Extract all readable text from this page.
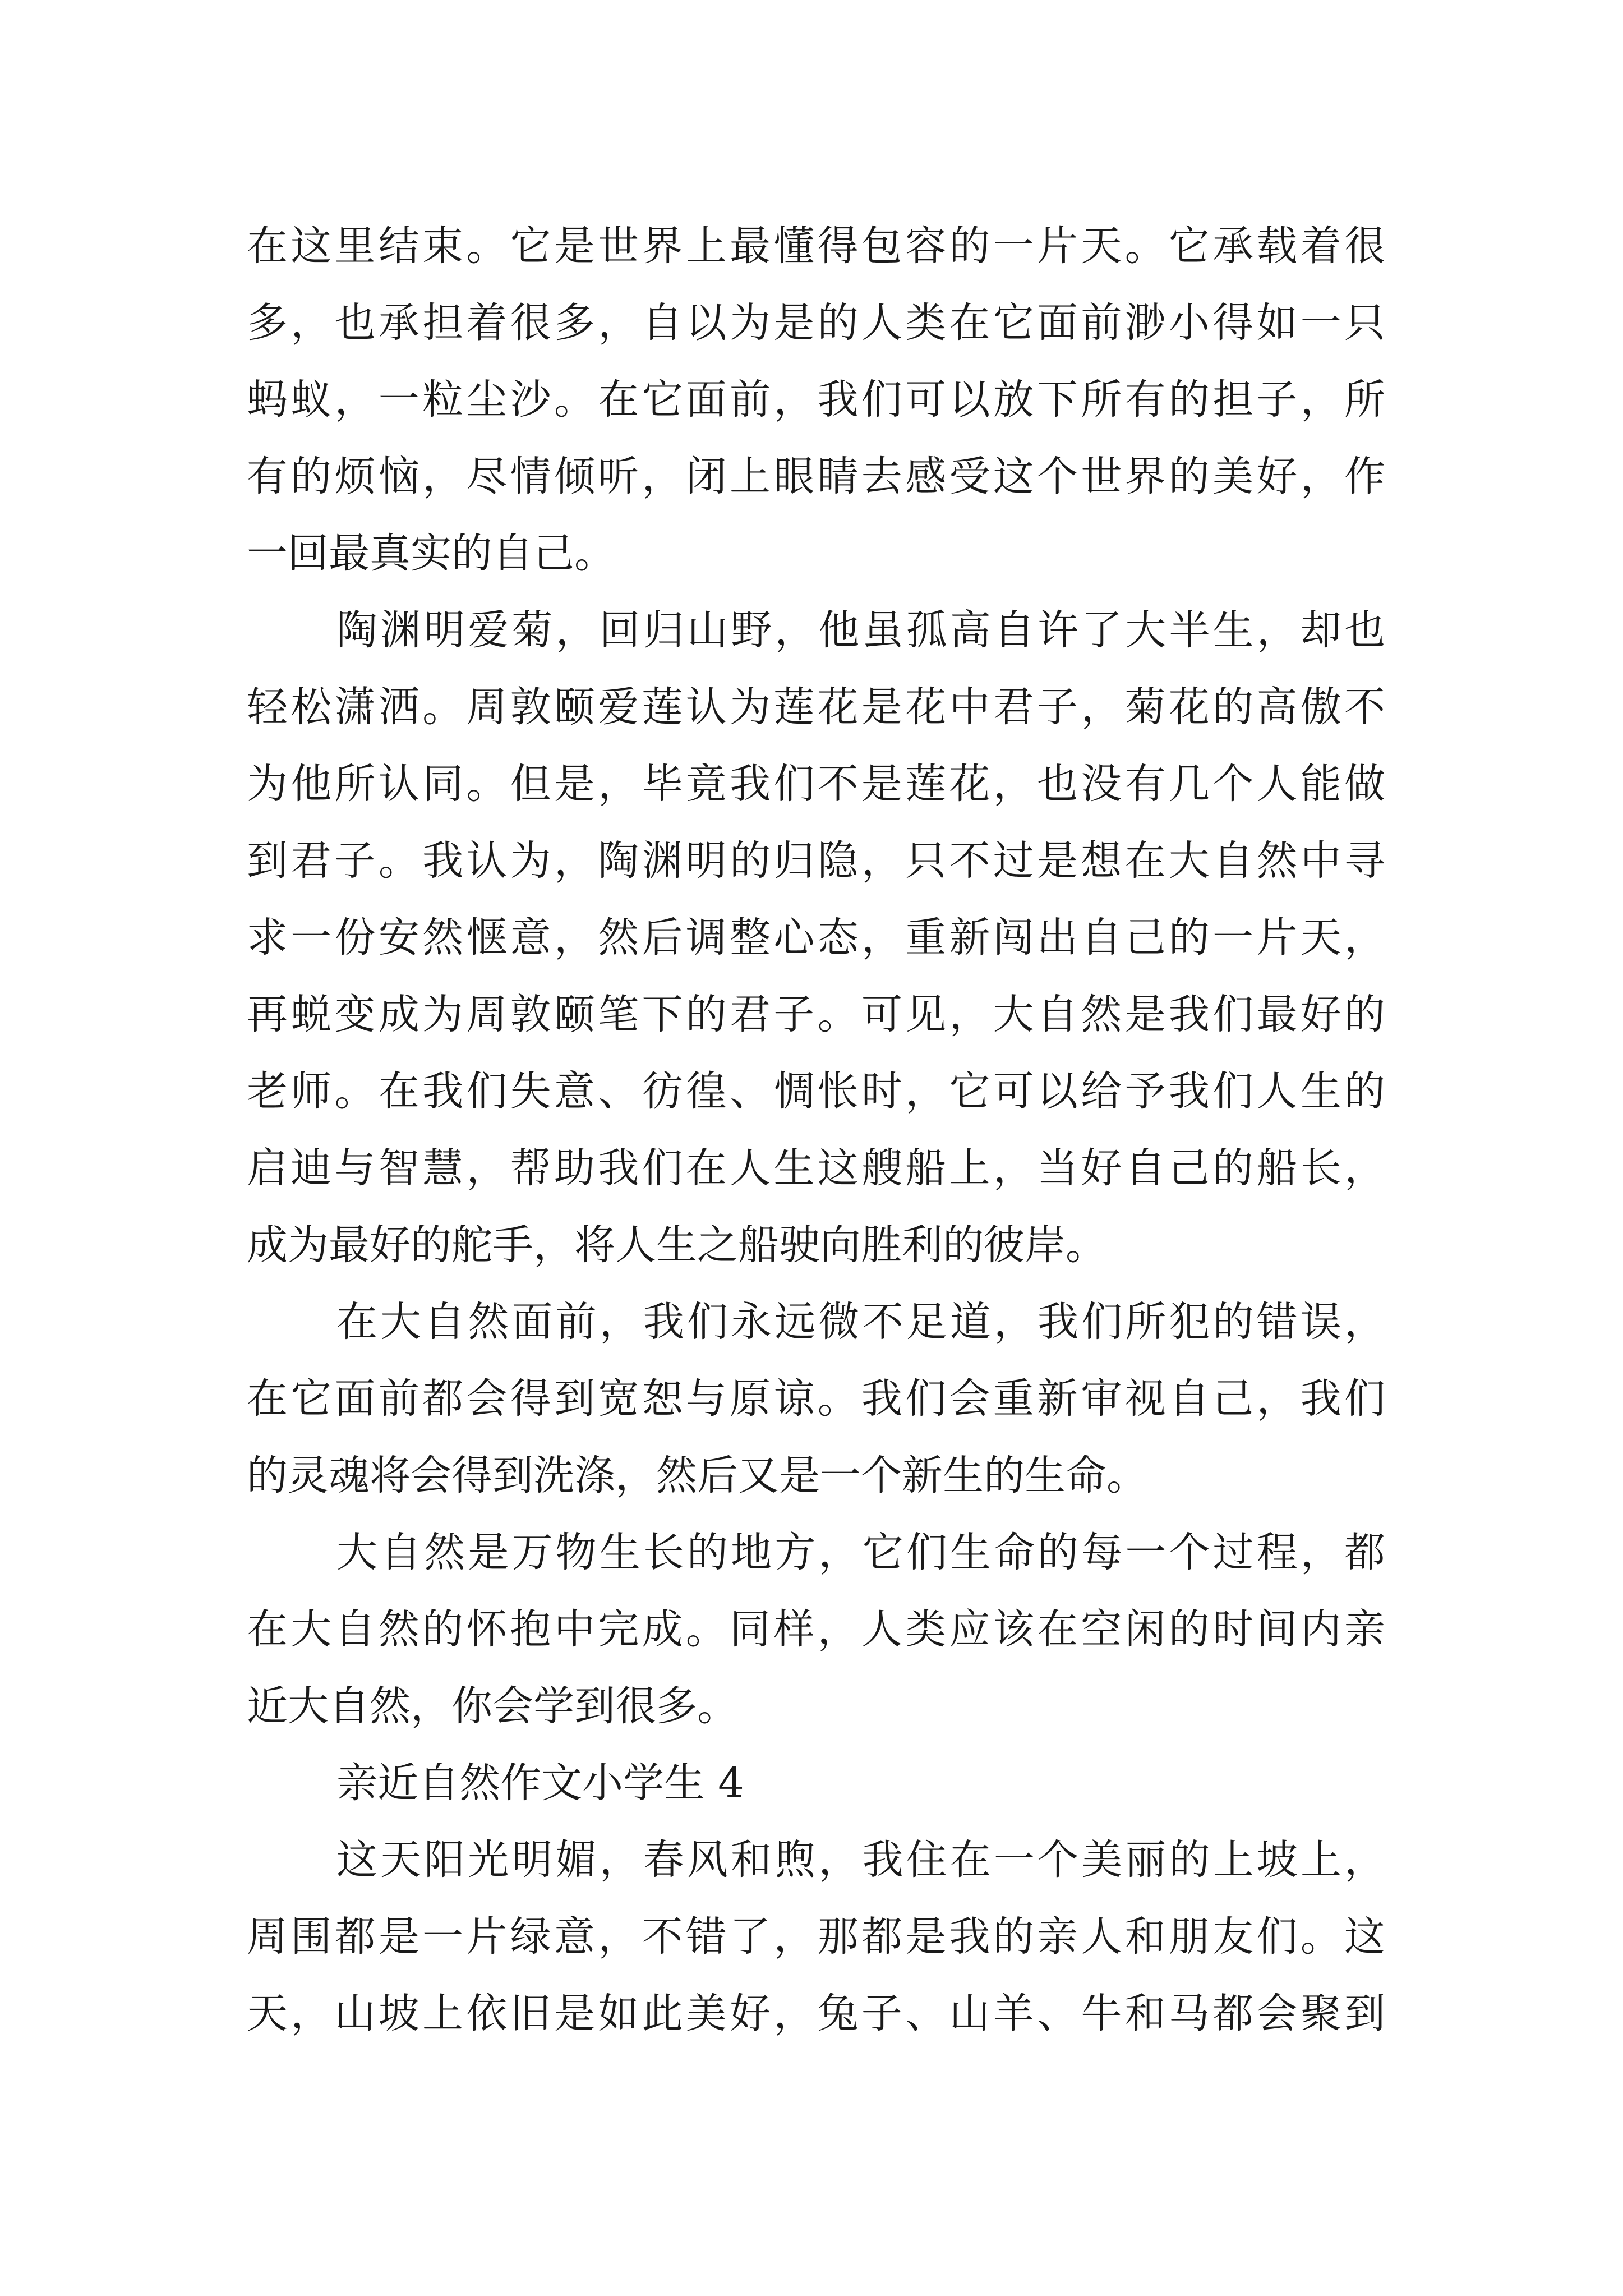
在这里结束。它是世界上最懂得包容的一片天。它承载着很
多，也承担着很多，自以为是的人类在它面前渺小得如一只
蚂蚁，一粒尘沙。在它面前，我们可以放下所有的担子，所
有的烦恼，尽情倾听，闭上眼睛去感受这个世界的美好，作
一回最真实的自己。
陶渊明爱菊，回归山野，他虽孤高自许了大半生，却也
轻松潇洒。周敦颐爱莲认为莲花是花中君子，菊花的高傲不
为他所认同。但是，毕竟我们不是莲花，也没有几个人能做
到君子。我认为，陶渊明的归隐，只不过是想在大自然中寻
求一份安然惬意，然后调整心态，重新闯出自己的一片天，
再蜕变成为周敦颐笔下的君子。可见，大自然是我们最好的
老师。在我们失意、彷徨、惆怅时，它可以给予我们人生的
启迪与智慧，帮助我们在人生这艘船上，当好自己的船长，
成为最好的舵手，将人生之船驶向胜利的彼岸。
在大自然面前，我们永远微不足道，我们所犯的错误，
在它面前都会得到宽恕与原谅。我们会重新审视自己，我们
的灵魂将会得到洗涤，然后又是一个新生的生命。
大自然是万物生长的地方，它们生命的每一个过程，都
在大自然的怀抱中完成。同样，人类应该在空闲的时间内亲
近大自然，你会学到很多。
亲近自然作文小学生 4
这天阳光明媚，春风和煦，我住在一个美丽的上坡上，
周围都是一片绿意，不错了，那都是我的亲人和朋友们。这
天，山坡上依旧是如此美好，兔子、山羊、牛和马都会聚到
